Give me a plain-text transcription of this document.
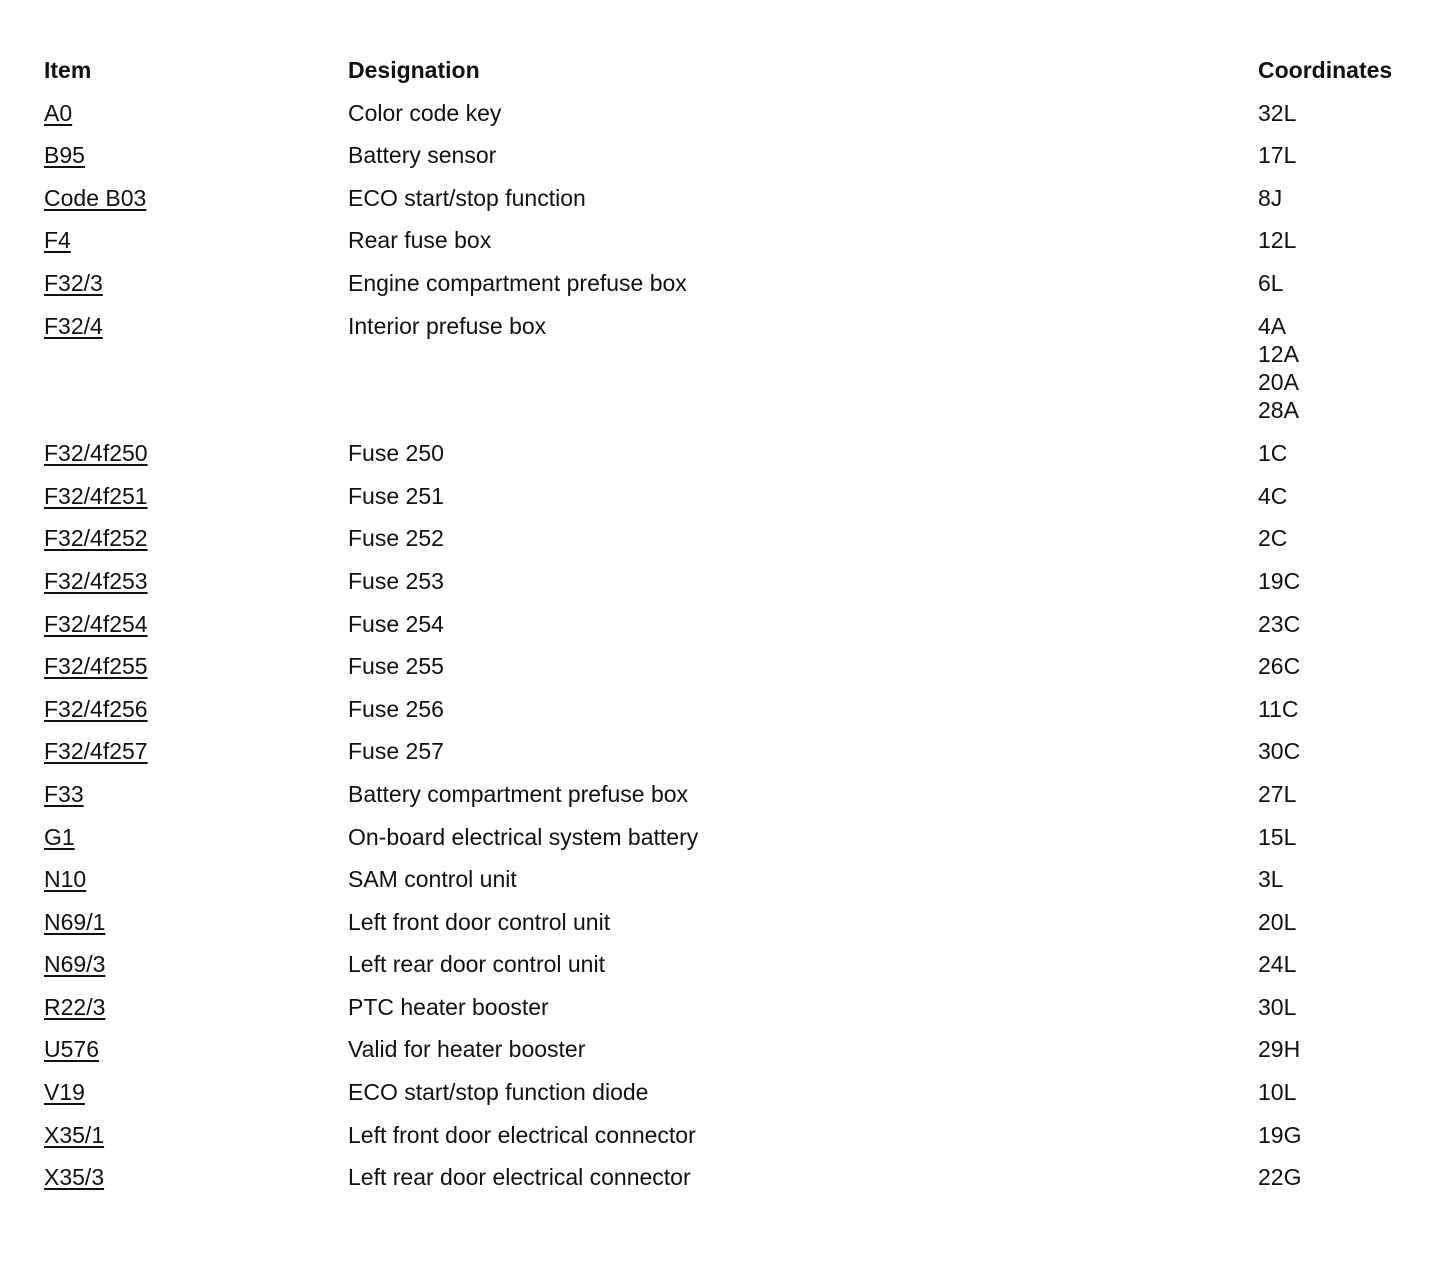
Item	Designation	Coordinates
A0	Color code key	32L
B95	Battery sensor	17L
Code B03	ECO start/stop function	8J
F4	Rear fuse box	12L
F32/3	Engine compartment prefuse box	6L
F32/4	Interior prefuse box	4A
12A
20A
28A
F32/4f250	Fuse 250	1C
F32/4f251	Fuse 251	4C
F32/4f252	Fuse 252	2C
F32/4f253	Fuse 253	19C
F32/4f254	Fuse 254	23C
F32/4f255	Fuse 255	26C
F32/4f256	Fuse 256	11C
F32/4f257	Fuse 257	30C
F33	Battery compartment prefuse box	27L
G1	On-board electrical system battery	15L
N10	SAM control unit	3L
N69/1	Left front door control unit	20L
N69/3	Left rear door control unit	24L
R22/3	PTC heater booster	30L
U576	Valid for heater booster	29H
V19	ECO start/stop function diode	10L
X35/1	Left front door electrical connector	19G
X35/3	Left rear door electrical connector	22G
